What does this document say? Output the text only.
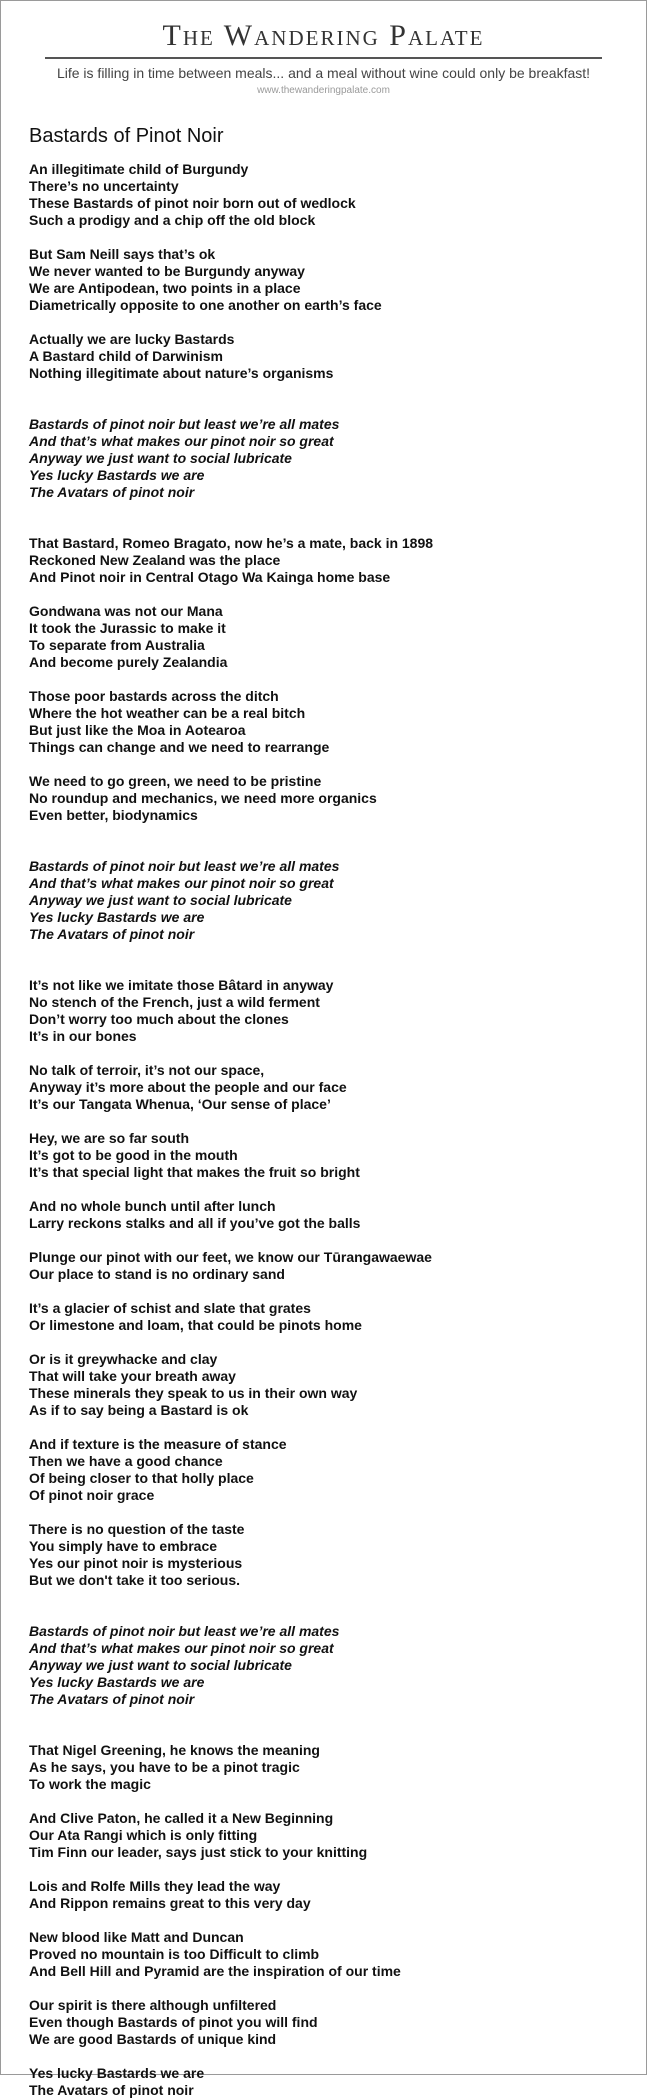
The Wandering Palate
Life is filling in time between meals... and a meal without wine could only be breakfast!
www.thewanderingpalate.com
Bastards of Pinot Noir
An illegitimate child of Burgundy
There’s no uncertainty
These Bastards of pinot noir born out of wedlock
Such a prodigy and a chip off the old block
But Sam Neill says that’s ok
We never wanted to be Burgundy anyway
We are Antipodean, two points in a place
Diametrically opposite to one another on earth’s face
Actually we are lucky Bastards
A Bastard child of Darwinism
Nothing illegitimate about nature’s organisms
Bastards of pinot noir but least we’re all mates
And that’s what makes our pinot noir so great
Anyway we just want to social lubricate
Yes lucky Bastards we are
The Avatars of pinot noir
That Bastard, Romeo Bragato, now he’s a mate, back in 1898
Reckoned New Zealand was the place
And Pinot noir in Central Otago Wa Kainga home base
Gondwana was not our Mana
It took the Jurassic to make it
To separate from Australia
And become purely Zealandia
Those poor bastards across the ditch
Where the hot weather can be a real bitch
But just like the Moa in Aotearoa
Things can change and we need to rearrange
We need to go green, we need to be pristine
No roundup and mechanics, we need more organics
Even better, biodynamics
Bastards of pinot noir but least we’re all mates
And that’s what makes our pinot noir so great
Anyway we just want to social lubricate
Yes lucky Bastards we are
The Avatars of pinot noir
It’s not like we imitate those Bâtard in anyway
No stench of the French, just a wild ferment
Don’t worry too much about the clones
It’s in our bones
No talk of terroir, it’s not our space,
Anyway it’s more about the people and our face
It’s our Tangata Whenua, ‘Our sense of place’
Hey, we are so far south
It’s got to be good in the mouth
It’s that special light that makes the fruit so bright
And no whole bunch until after lunch
Larry reckons stalks and all if you’ve got the balls
Plunge our pinot with our feet, we know our Tūrangawaewae
Our place to stand is no ordinary sand
It’s a glacier of schist and slate that grates
Or limestone and loam, that could be pinots home
Or is it greywhacke and clay
That will take your breath away
These minerals they speak to us in their own way
As if to say being a Bastard is ok
And if texture is the measure of stance
Then we have a good chance
Of being closer to that holly place
Of pinot noir grace
There is no question of the taste
You simply have to embrace
Yes our pinot noir is mysterious
But we don't take it too serious.
Bastards of pinot noir but least we’re all mates
And that’s what makes our pinot noir so great
Anyway we just want to social lubricate
Yes lucky Bastards we are
The Avatars of pinot noir
That Nigel Greening, he knows the meaning
As he says, you have to be a pinot tragic
To work the magic
And Clive Paton, he called it a New Beginning
Our Ata Rangi which is only fitting
Tim Finn our leader, says just stick to your knitting
Lois and Rolfe Mills they lead the way
And Rippon remains great to this very day
New blood like Matt and Duncan
Proved no mountain is too Difficult to climb
And Bell Hill and Pyramid are the inspiration of our time
Our spirit is there although unfiltered
Even though Bastards of pinot you will find
We are good Bastards of unique kind
Yes lucky Bastards we are
The Avatars of pinot noir
